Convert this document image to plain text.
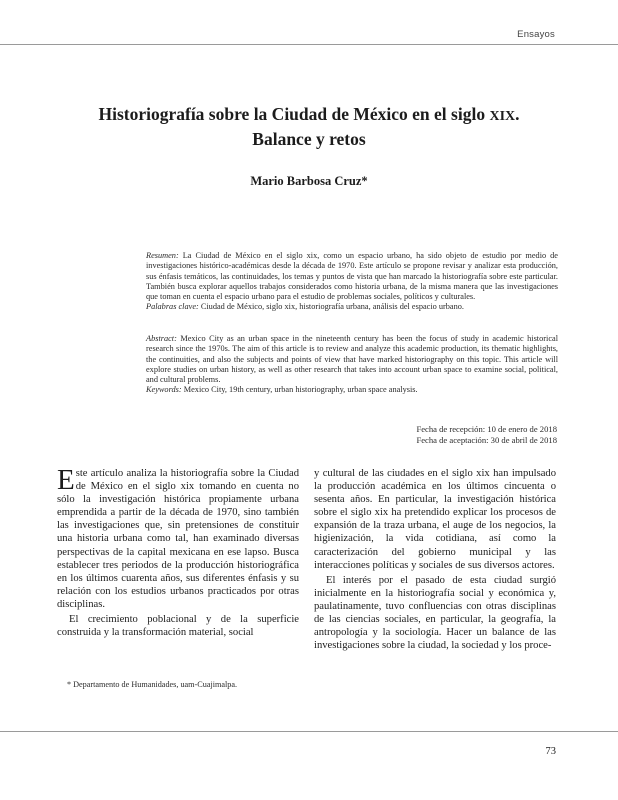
Ensayos
Historiografía sobre la Ciudad de México en el siglo XIX.
Balance y retos
Mario Barbosa Cruz*

Resumen: La Ciudad de México en el siglo xix, como un espacio urbano, ha sido objeto de estudio por medio de investigaciones histórico-académicas desde la década de 1970. Este artículo se propone revisar y analizar esta producción, sus énfasis temáticos, las continuidades, los temas y puntos de vista que han marcado la historiografía sobre este particular. También busca explorar aquellos trabajos considerados como historia urbana, de la misma manera que las investigaciones que toman en cuenta el espacio urbano para el estudio de problemas sociales, políticos y culturales.

Palabras clave: Ciudad de México, siglo xix, historiografía urbana, análisis del espacio urbano.

Abstract: Mexico City as an urban space in the nineteenth century has been the focus of study in academic historical research since the 1970s. The aim of this article is to review and analyze this academic production, its thematic highlights, the continuities, and also the subjects and points of view that have marked historiography on this topic. This article will explore studies on urban history, as well as other research that takes into account urban space to examine social, political, and cultural problems.

Keywords: Mexico City, 19th century, urban historiography, urban space analysis.

Fecha de recepción: 10 de enero de 2018
Fecha de aceptación: 30 de abril de 2018

Este artículo analiza la historiografía sobre la Ciudad de México en el siglo xix tomando en cuenta no sólo la investigación histórica propiamente urbana emprendida a partir de la década de 1970, sino también las investigaciones que, sin pretensiones de constituir una historia urbana como tal, han examinado diversas perspectivas de la capital mexicana en ese lapso. Busca establecer tres periodos de la producción historiográfica en los últimos cuarenta años, sus diferentes énfasis y su relación con los estudios urbanos practicados por otras disciplinas.

El crecimiento poblacional y de la superficie construida y la transformación material, social

y cultural de las ciudades en el siglo xix han impulsado la producción académica en los últimos cincuenta o sesenta años. En particular, la investigación histórica sobre el siglo xix ha pretendido explicar los procesos de expansión de la traza urbana, el auge de los negocios, la higienización, la vida cotidiana, así como la caracterización del gobierno municipal y las interacciones políticas y sociales de sus diversos actores.

El interés por el pasado de esta ciudad surgió inicialmente en la historiografía social y económica y, paulatinamente, tuvo confluencias con otras disciplinas de las ciencias sociales, en particular, la geografía, la antropología y la sociología. Hacer un balance de las investigaciones sobre la ciudad, la sociedad y los proce-

* Departamento de Humanidades, uam-Cuajimalpa.
73
